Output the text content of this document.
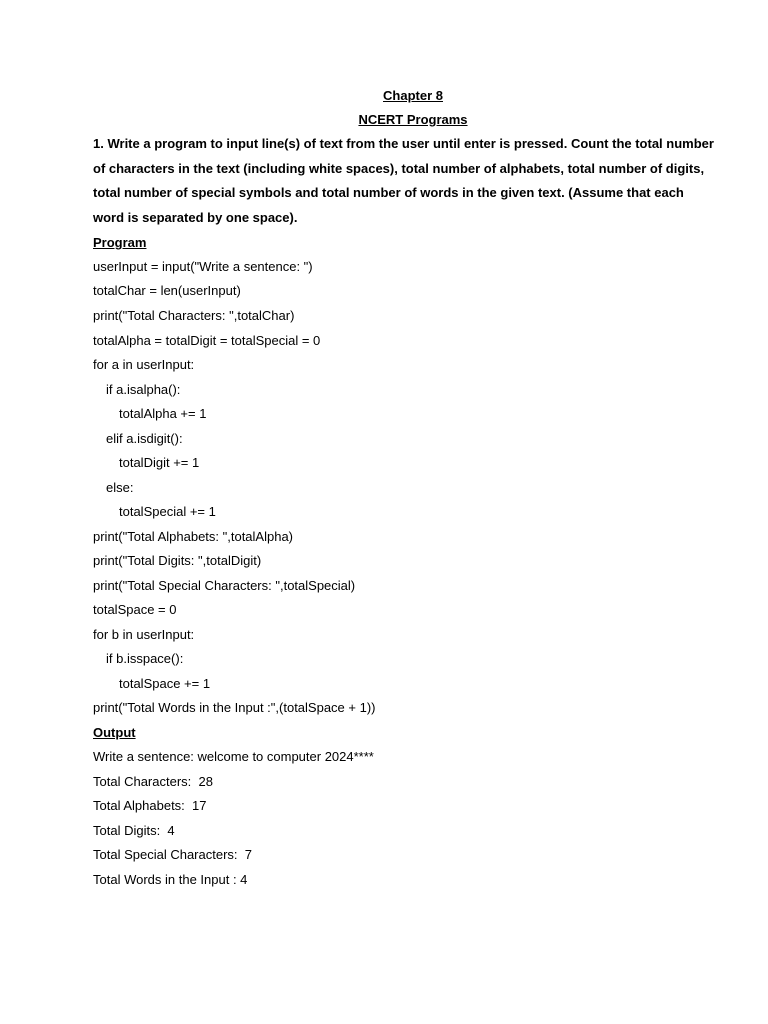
Chapter 8
NCERT Programs
1. Write a program to input line(s) of text from the user until enter is pressed. Count the total number of characters in the text (including white spaces), total number of alphabets, total number of digits, total number of special symbols and total number of words in the given text. (Assume that each word is separated by one space).
Program
userInput = input("Write a sentence: ")
totalChar = len(userInput)
print("Total Characters: ",totalChar)
totalAlpha = totalDigit = totalSpecial = 0
for a in userInput:
if a.isalpha():
totalAlpha += 1
elif a.isdigit():
totalDigit += 1
else:
totalSpecial += 1
print("Total Alphabets: ",totalAlpha)
print("Total Digits: ",totalDigit)
print("Total Special Characters: ",totalSpecial)
totalSpace = 0
for b in userInput:
if b.isspace():
totalSpace += 1
print("Total Words in the Input :",(totalSpace + 1))
Output
Write a sentence: welcome to computer 2024****
Total Characters:  28
Total Alphabets:  17
Total Digits:  4
Total Special Characters:  7
Total Words in the Input : 4
